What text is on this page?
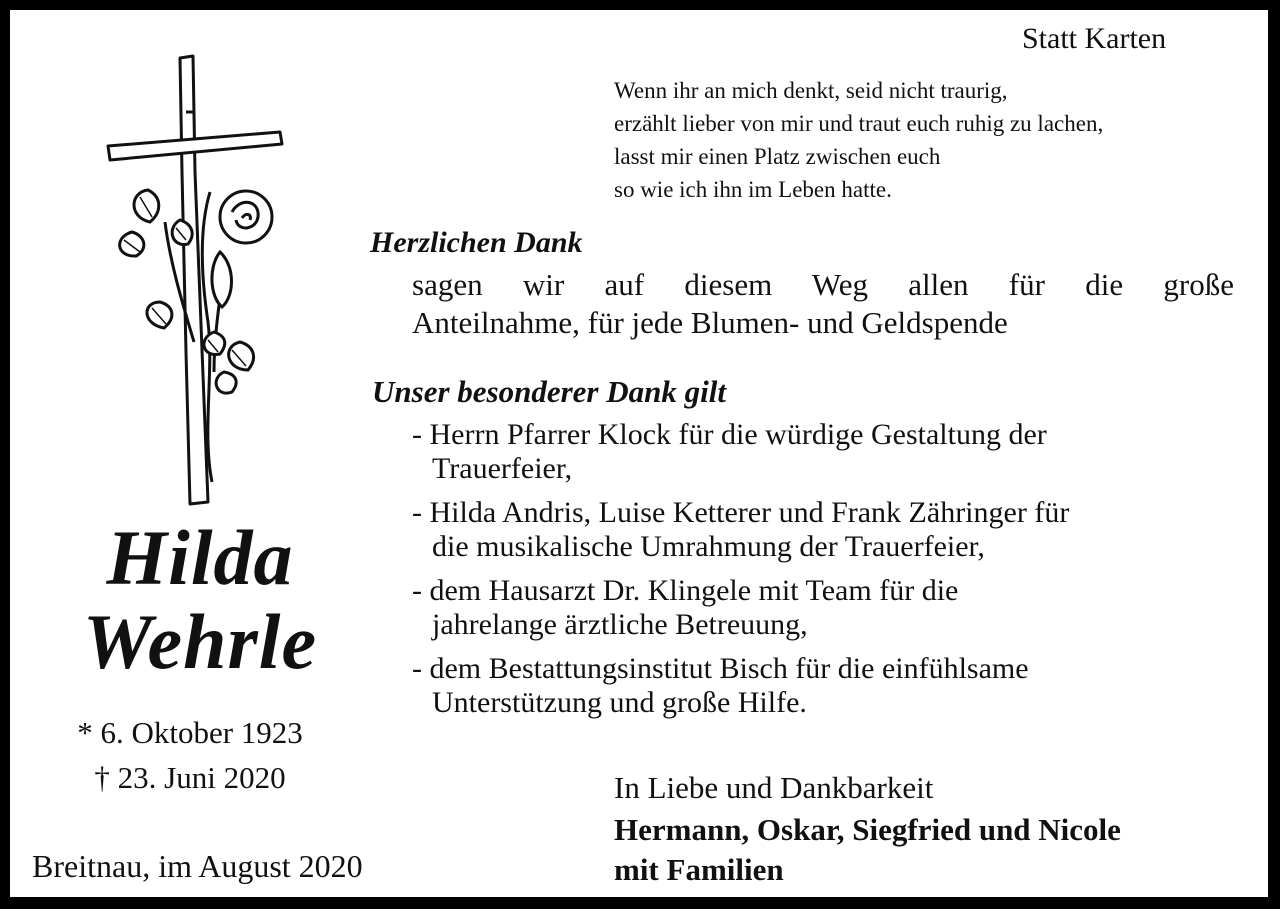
Statt Karten
Wenn ihr an mich denkt, seid nicht traurig,
erzählt lieber von mir und traut euch ruhig zu lachen,
lasst mir einen Platz zwischen euch
so wie ich ihn im Leben hatte.
Herzlichen Dank
sagen wir auf diesem Weg allen für die große
Anteilnahme, für jede Blumen- und Geldspende
Unser besonderer Dank gilt
- Herrn Pfarrer Klock für die würdige Gestaltung der
Trauerfeier,
- Hilda Andris, Luise Ketterer und Frank Zähringer für
die musikalische Umrahmung der Trauerfeier,
- dem Hausarzt Dr. Klingele mit Team für die
jahrelange ärztliche Betreuung,
- dem Bestattungsinstitut Bisch für die einfühlsame
Unterstützung und große Hilfe.
Hilda
Wehrle
* 6. Oktober 1923
† 23. Juni 2020
Breitnau, im August 2020
In Liebe und Dankbarkeit
Hermann, Oskar, Siegfried und Nicole
mit Familien
